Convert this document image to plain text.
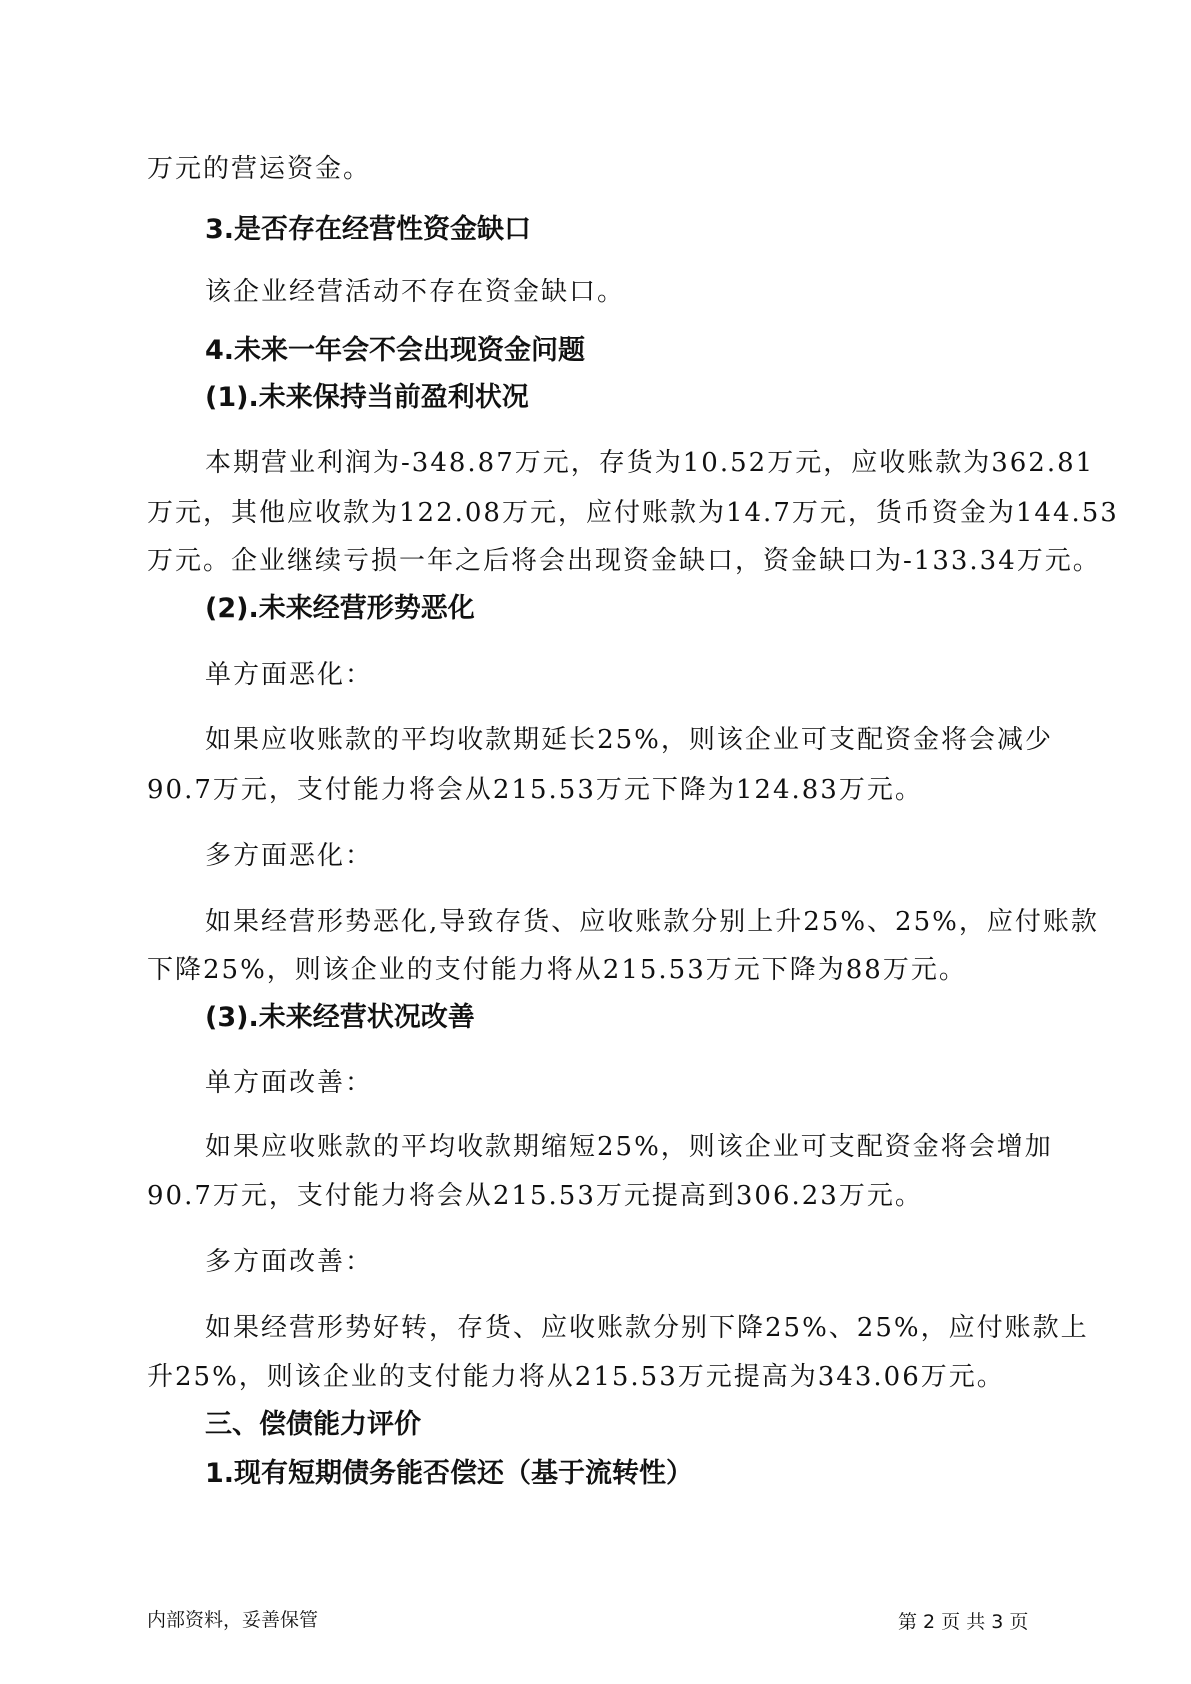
万元的营运资金。
3.是否存在经营性资金缺口
该企业经营活动不存在资金缺口。
4.未来一年会不会出现资金问题
(1).未来保持当前盈利状况
本期营业利润为-348.87万元，存货为10.52万元，应收账款为362.81
万元，其他应收款为122.08万元，应付账款为14.7万元，货币资金为144.53
万元。企业继续亏损一年之后将会出现资金缺口，资金缺口为-133.34万元。
(2).未来经营形势恶化
单方面恶化：
如果应收账款的平均收款期延长25%，则该企业可支配资金将会减少
90.7万元，支付能力将会从215.53万元下降为124.83万元。
多方面恶化：
如果经营形势恶化,导致存货、应收账款分别上升25%、25%，应付账款
下降25%，则该企业的支付能力将从215.53万元下降为88万元。
(3).未来经营状况改善
单方面改善：
如果应收账款的平均收款期缩短25%，则该企业可支配资金将会增加
90.7万元，支付能力将会从215.53万元提高到306.23万元。
多方面改善：
如果经营形势好转，存货、应收账款分别下降25%、25%，应付账款上
升25%，则该企业的支付能力将从215.53万元提高为343.06万元。
三、偿债能力评价
1.现有短期债务能否偿还（基于流转性）
内部资料，妥善保管	第 2 页 共 3 页
